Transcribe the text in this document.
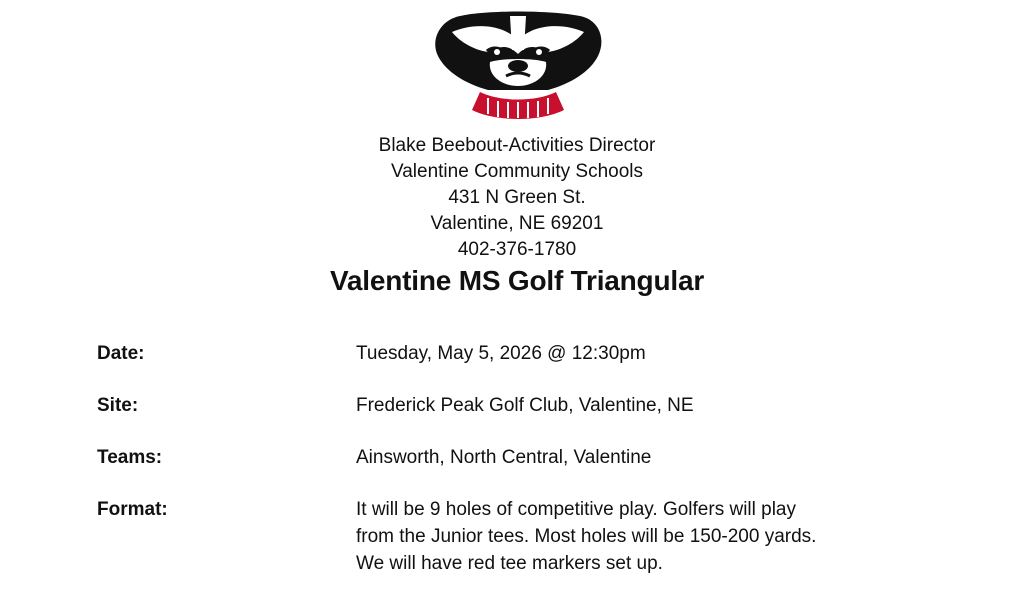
Blake Beebout-Activities Director
Valentine Community Schools
431 N Green St.
Valentine, NE 69201
402-376-1780
Valentine MS Golf Triangular
Date:	Tuesday, May 5, 2026 @ 12:30pm
Site:	Frederick Peak Golf Club, Valentine, NE
Teams:	Ainsworth, North Central, Valentine
Format:	It will be 9 holes of competitive play. Golfers will play
from the Junior tees. Most holes will be 150-200 yards.
We will have red tee markers set up.
